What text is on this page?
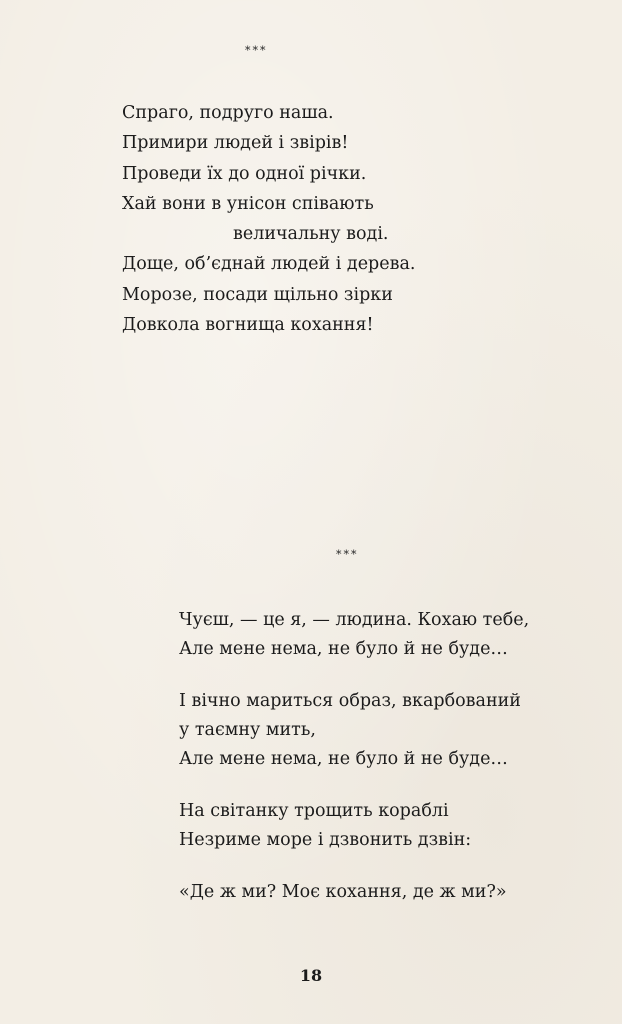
***
Спраго, подруго наша.
Примири людей і звірів!
Проведи їх до одної річки.
Хай вони в унісон співають
величальну воді.
Доще, об’єднай людей і дерева.
Морозе, посади щільно зірки
Довкола вогнища кохання!
***
Чуєш, — це я, — людина. Кохаю тебе,
Але мене нема, не було й не буде…
І вічно мариться образ, вкарбований
у таємну мить,
Але мене нема, не було й не буде…
На світанку трощить кораблі
Незриме море і дзвонить дзвін:
«Де ж ми? Моє кохання, де ж ми?»
18
